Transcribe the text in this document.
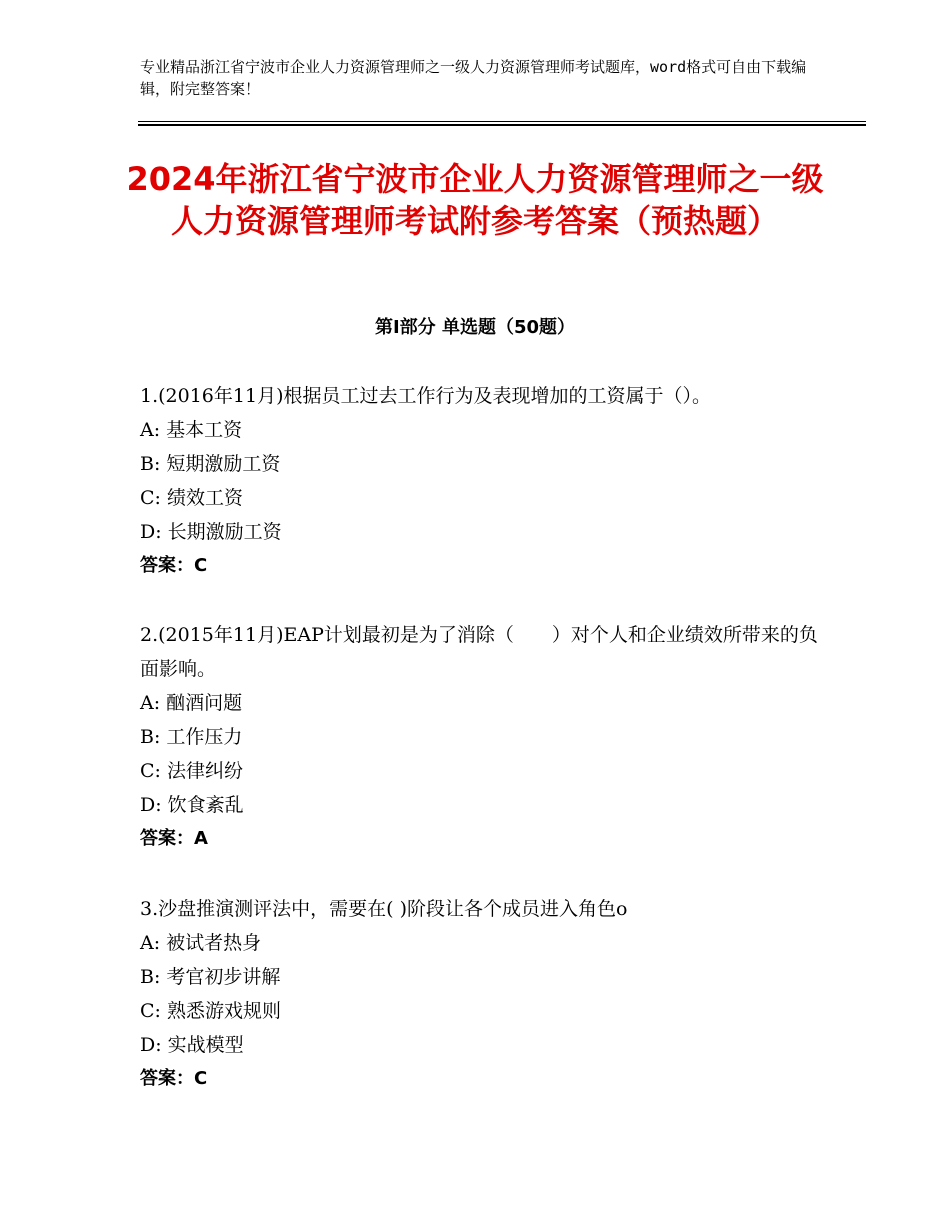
专业精品浙江省宁波市企业人力资源管理师之一级人力资源管理师考试题库，word格式可自由下载编辑，附完整答案！
2024年浙江省宁波市企业人力资源管理师之一级人力资源管理师考试附参考答案（预热题）
第Ⅰ部分 单选题（50题）

1.(2016年11月)根据员工过去工作行为及表现增加的工资属于（）。

A: 基本工资

B: 短期激励工资

C: 绩效工资

D: 长期激励工资

答案：C

2.(2015年11月)EAP计划最初是为了消除（　　）对个人和企业绩效所带来的负面影响。

A: 酗酒问题

B: 工作压力

C: 法律纠纷

D: 饮食紊乱

答案：A

3.沙盘推演测评法中，需要在( )阶段让各个成员进入角色o

A: 被试者热身

B: 考官初步讲解

C: 熟悉游戏规则

D: 实战模型

答案：C
